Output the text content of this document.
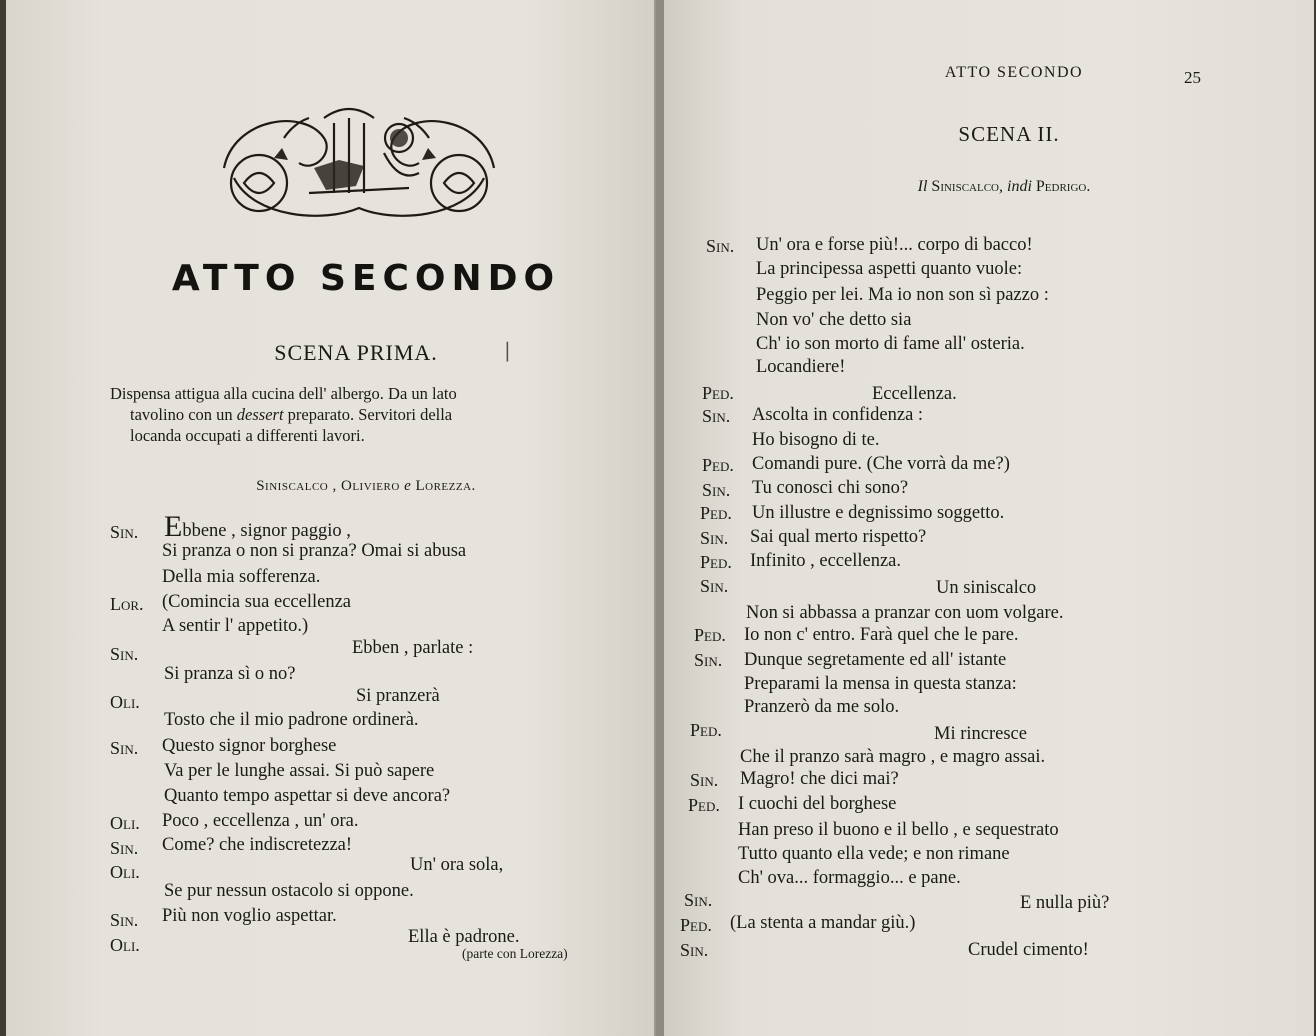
ATTO SECONDO
SCENA PRIMA.	|
Dispensa attigua alla cucina dell' albergo. Da un lato
tavolino con un dessert preparato. Servitori della
locanda occupati a differenti lavori.
Siniscalco , Oliviero e Lorezza.
Sin. Ebbene , signor paggio ,
Si pranza o non si pranza? Omai si abusa
Della mia sofferenza.
Lor. (Comincia sua eccellenza
A sentir l' appetito.)
Sin.	Ebben , parlate :
Si pranza sì o no?
Oli.	Si pranzerà
Tosto che il mio padrone ordinerà.
Sin. Questo signor borghese
Va per le lunghe assai. Si può sapere
Quanto tempo aspettar si deve ancora?
Oli. Poco , eccellenza , un' ora.
Sin. Come? che indiscretezza!
Oli.	Un' ora sola,
Se pur nessun ostacolo si oppone.
Sin. Più non voglio aspettar.
Oli.	Ella è padrone.
(parte con Lorezza)
ATTO SECONDO	25
SCENA II.
Il Siniscalco, indi Pedrigo.
Sin. Un' ora e forse più!... corpo di bacco!
La principessa aspetti quanto vuole:
Peggio per lei. Ma io non son sì pazzo :
Non vo' che detto sia
Ch' io son morto di fame all' osteria.
Locandiere!
Ped.	Eccellenza.
Sin. Ascolta in confidenza :
Ho bisogno di te.
Ped. Comandi pure. (Che vorrà da me?)
Sin. Tu conosci chi sono?
Ped. Un illustre e degnissimo soggetto.
Sin. Sai qual merto rispetto?
Ped. Infinito , eccellenza.
Sin.	Un siniscalco
Non si abbassa a pranzar con uom volgare.
Ped. Io non c' entro. Farà quel che le pare.
Sin. Dunque segretamente ed all' istante
Preparami la mensa in questa stanza:
Pranzerò da me solo.
Ped.	Mi rincresce
Che il pranzo sarà magro , e magro assai.
Sin. Magro! che dici mai?
Ped. I cuochi del borghese
Han preso il buono e il bello , e sequestrato
Tutto quanto ella vede; e non rimane
Ch' ova... formaggio... e pane.
Sin.	E nulla più?
Ped. (La stenta a mandar giù.)
Sin.	Crudel cimento!
